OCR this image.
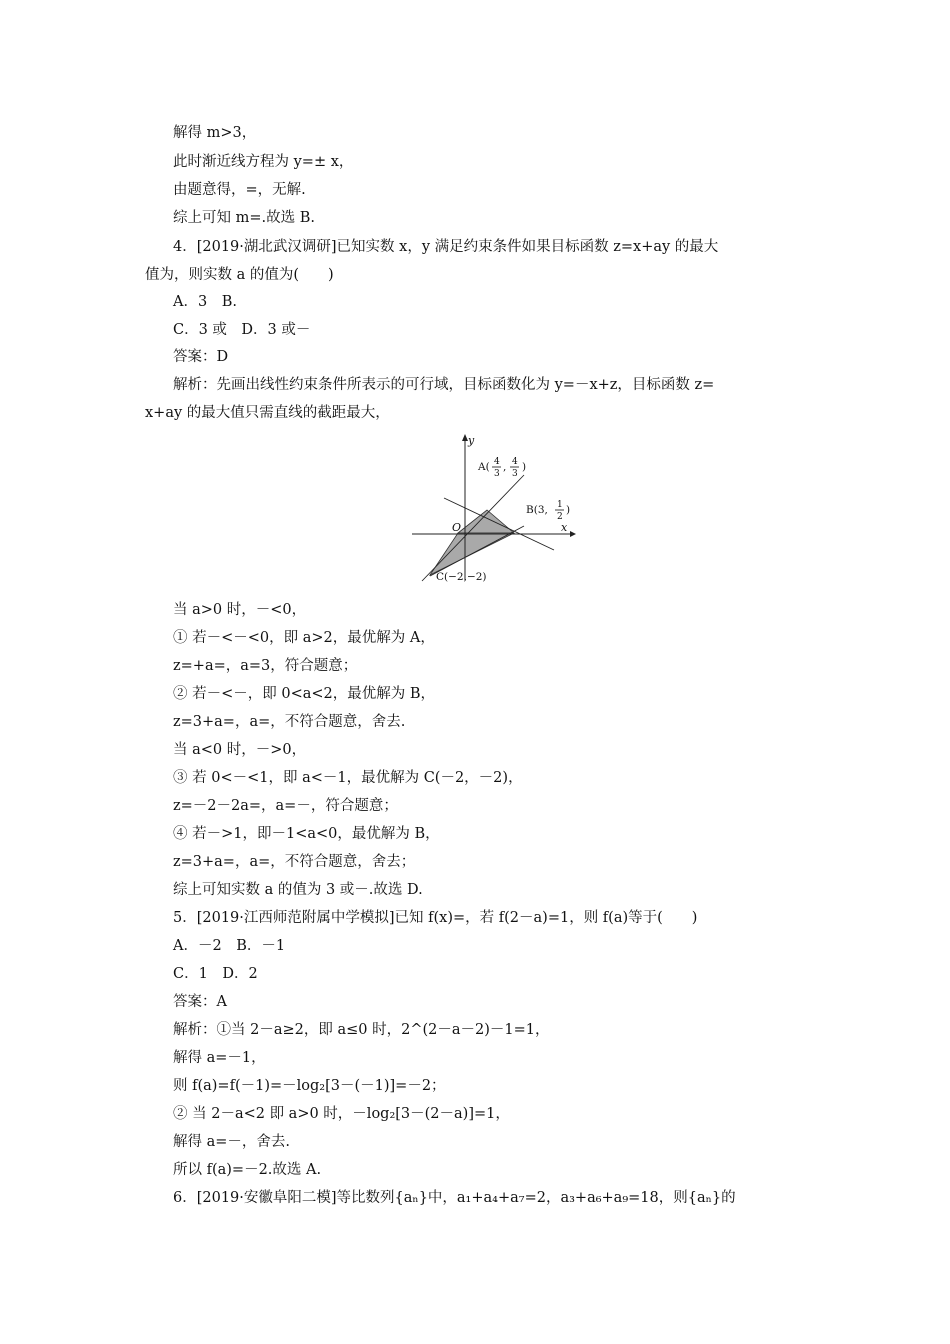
解得 m>3，
此时渐近线方程为 y=± x，
由题意得，=，无解.
综上可知 m=.故选 B.
4．[2019·湖北武汉调研]已知实数 x，y 满足约束条件如果目标函数 z=x+ay 的最大
值为，则实数 a 的值为(　　)
A．3　B.
C．3 或　D．3 或－
答案：D
解析：先画出线性约束条件所表示的可行域，目标函数化为 y=－x+z，目标函数 z=
x+ay 的最大值只需直线的截距最大，
y
x
O
A( 4
3
, 4
3
)
B(3, 1
2
)
C(−2,−2)
当 a>0 时，－<0，
① 若－<－<0，即 a>2，最优解为 A，
z=+a=，a=3，符合题意；
② 若－<－，即 0<a<2，最优解为 B，
z=3+a=，a=，不符合题意，舍去.
当 a<0 时，－>0，
③ 若 0<－<1，即 a<－1，最优解为 C(－2，－2)，
z=－2－2a=，a=－，符合题意；
④ 若－>1，即－1<a<0，最优解为 B，
z=3+a=，a=，不符合题意，舍去；
综上可知实数 a 的值为 3 或－.故选 D.
5．[2019·江西师范附属中学模拟]已知 f(x)=，若 f(2－a)=1，则 f(a)等于(　　)
A．－2　B．－1
C．1　D．2
答案：A
解析：①当 2－a≥2，即 a≤0 时，2^(2－a－2)－1=1，
解得 a=－1，
则 f(a)=f(－1)=－log₂[3－(－1)]=－2；
② 当 2－a<2 即 a>0 时，－log₂[3－(2－a)]=1，
解得 a=－，舍去.
所以 f(a)=－2.故选 A.
6．[2019·安徽阜阳二模]等比数列{aₙ}中，a₁+a₄+a₇=2，a₃+a₆+a₉=18，则{aₙ}的
